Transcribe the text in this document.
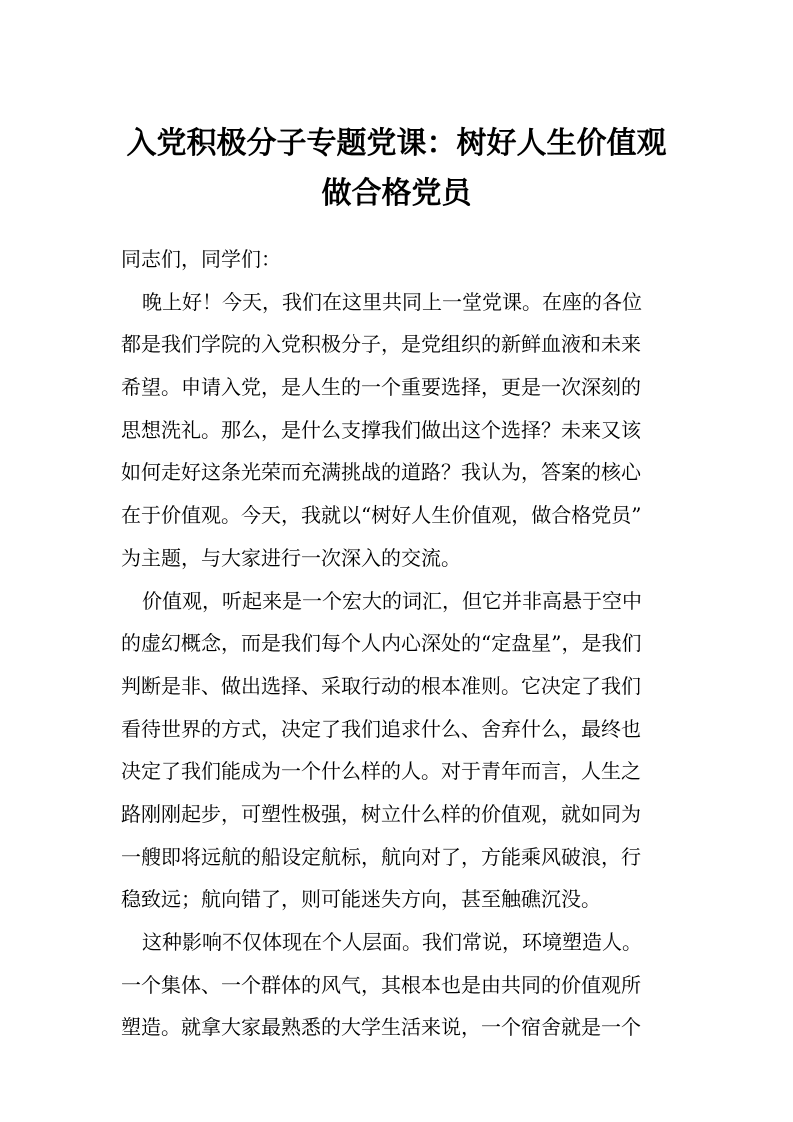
入党积极分子专题党课：树好人生价值观
做合格党员

同志们，同学们：

晚上好！今天，我们在这里共同上一堂党课。在座的各位

都是我们学院的入党积极分子，是党组织的新鲜血液和未来

希望。申请入党，是人生的一个重要选择，更是一次深刻的

思想洗礼。那么，是什么支撑我们做出这个选择？未来又该

如何走好这条光荣而充满挑战的道路？我认为，答案的核心

在于价值观。今天，我就以“树好人生价值观，做合格党员”

为主题，与大家进行一次深入的交流。

价值观，听起来是一个宏大的词汇，但它并非高悬于空中

的虚幻概念，而是我们每个人内心深处的“定盘星”，是我们

判断是非、做出选择、采取行动的根本准则。它决定了我们

看待世界的方式，决定了我们追求什么、舍弃什么，最终也

决定了我们能成为一个什么样的人。对于青年而言，人生之

路刚刚起步，可塑性极强，树立什么样的价值观，就如同为

一艘即将远航的船设定航标，航向对了，方能乘风破浪，行

稳致远；航向错了，则可能迷失方向，甚至触礁沉没。

这种影响不仅体现在个人层面。我们常说，环境塑造人。

一个集体、一个群体的风气，其根本也是由共同的价值观所

塑造。就拿大家最熟悉的大学生活来说，一个宿舍就是一个
